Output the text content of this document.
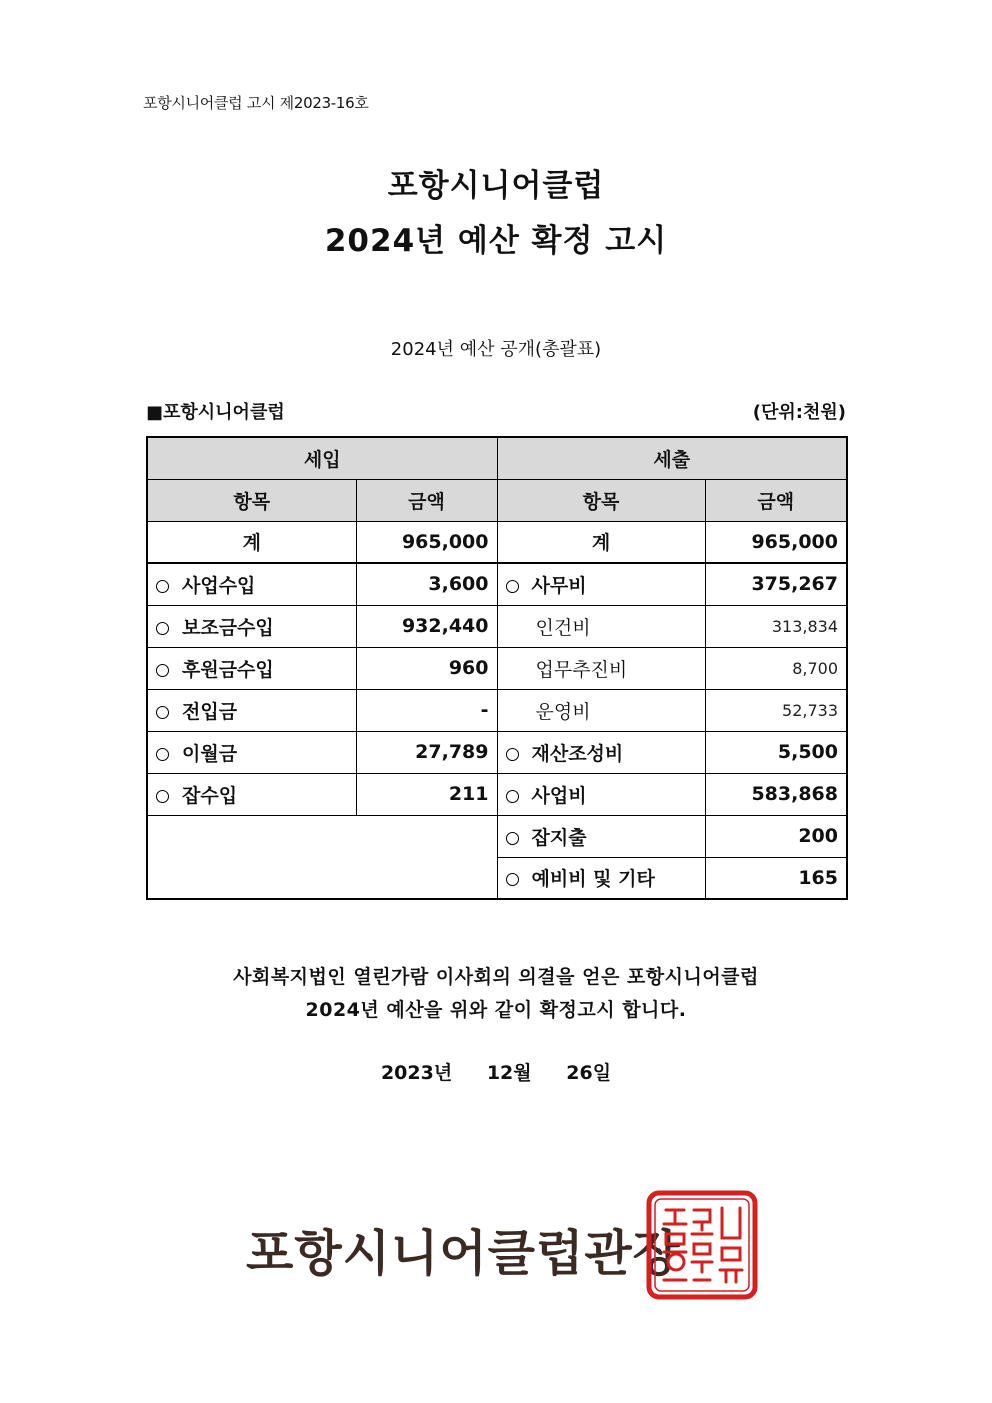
포항시니어클럽 고시 제2023-16호
포항시니어클럽
2024년 예산 확정 고시
2024년 예산 공개(총괄표)
■포항시니어클럽	(단위:천원)
세입		세출	
항목	금액	항목	금액
계	965,000	계	965,000
사업수입	3,600	사무비	375,267
보조금수입	932,440	인건비	313,834
후원금수입	960	업무추진비	8,700
전입금	-	운영비	52,733
이월금	27,789	재산조성비	5,500
잡수입	211	사업비	583,868
		잡지출	200
		예비비 및 기타	165
사회복지법인 열린가람 이사회의 의결을 얻은 포항시니어클럽
2024년 예산을 위와 같이 확정고시 합니다.
2023년 12월 26일
포항시니어클럽관장
